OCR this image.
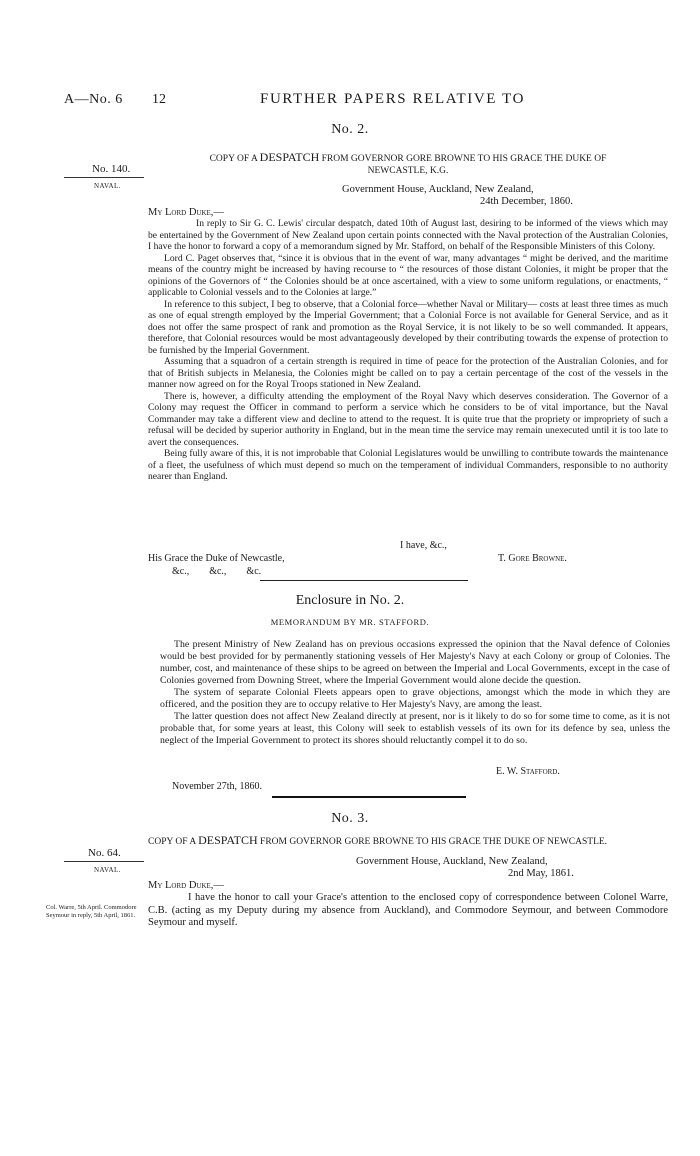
A—No. 6 12	FURTHER PAPERS RELATIVE TO
No. 2.
No. 140.
NAVAL.
COPY OF A DESPATCH FROM GOVERNOR GORE BROWNE TO HIS GRACE THE DUKE OF
NEWCASTLE, K.G.
Government House, Auckland, New Zealand,
24th December, 1860.
My Lord Duke,—

In reply to Sir G. C. Lewis' circular despatch, dated 10th of August last, desiring to be informed of the views which may be entertained by the Government of New Zealand upon certain points connected with the Naval protection of the Australian Colonies, I have the honor to forward a copy of a memorandum signed by Mr. Stafford, on behalf of the Responsible Ministers of this Colony.

Lord C. Paget observes that, “since it is obvious that in the event of war, many advantages “ might be derived, and the maritime means of the country might be increased by having recourse to “ the resources of those distant Colonies, it might be proper that the opinions of the Governors of “ the Colonies should be at once ascertained, with a view to some uniform regulations, or enactments, “ applicable to Colonial vessels and to the Colonies at large.”

In reference to this subject, I beg to observe, that a Colonial force—whether Naval or Military— costs at least three times as much as one of equal strength employed by the Imperial Government; that a Colonial Force is not available for General Service, and as it does not offer the same prospect of rank and promotion as the Royal Service, it is not likely to be so well commanded. It appears, therefore, that Colonial resources would be most advantageously developed by their contributing towards the expense of protection to be furnished by the Imperial Government.

Assuming that a squadron of a certain strength is required in time of peace for the protection of the Australian Colonies, and for that of British subjects in Melanesia, the Colonies might be called on to pay a certain percentage of the cost of the vessels in the manner now agreed on for the Royal Troops stationed in New Zealand.

There is, however, a difficulty attending the employment of the Royal Navy which deserves consideration. The Governor of a Colony may request the Officer in command to perform a service which he considers to be of vital importance, but the Naval Commander may take a different view and decline to attend to the request. It is quite true that the propriety or impropriety of such a refusal will be decided by superior authority in England, but in the mean time the service may remain unexecuted until it is too late to avert the consequences.

Being fully aware of this, it is not improbable that Colonial Legislatures would be unwilling to contribute towards the maintenance of a fleet, the usefulness of which must depend so much on the temperament of individual Commanders, responsible to no authority nearer than England.

I have, &c.,
His Grace the Duke of Newcastle,	T. Gore Browne.
&c.,        &c.,        &c.
Enclosure in No. 2.
MEMORANDUM BY MR. STAFFORD.

The present Ministry of New Zealand has on previous occasions expressed the opinion that the Naval defence of Colonies would be best provided for by permanently stationing vessels of Her Majesty's Navy at each Colony or group of Colonies. The number, cost, and maintenance of these ships to be agreed on between the Imperial and Local Governments, except in the case of Colonies governed from Downing Street, where the Imperial Government would alone decide the question.

The system of separate Colonial Fleets appears open to grave objections, amongst which the mode in which they are officered, and the position they are to occupy relative to Her Majesty's Navy, are among the least.

The latter question does not affect New Zealand directly at present, nor is it likely to do so for some time to come, as it is not probable that, for some years at least, this Colony will seek to establish vessels of its own for its defence by sea, unless the neglect of the Imperial Government to protect its shores should reluctantly compel it to do so.

E. W. Stafford.
November 27th, 1860.
No. 3.
No. 64.
NAVAL.
COPY OF A DESPATCH FROM GOVERNOR GORE BROWNE TO HIS GRACE THE DUKE OF NEWCASTLE.
Government House, Auckland, New Zealand,
2nd May, 1861.
My Lord Duke,—

I have the honor to call your Grace's attention to the enclosed copy of correspondence between Colonel Warre, C.B. (acting as my Deputy during my absence from Auckland), and Commodore Seymour, and between Commodore Seymour and myself.

Col. Warre, 5th April. Commodore Seymour in reply, 5th April, 1861.
